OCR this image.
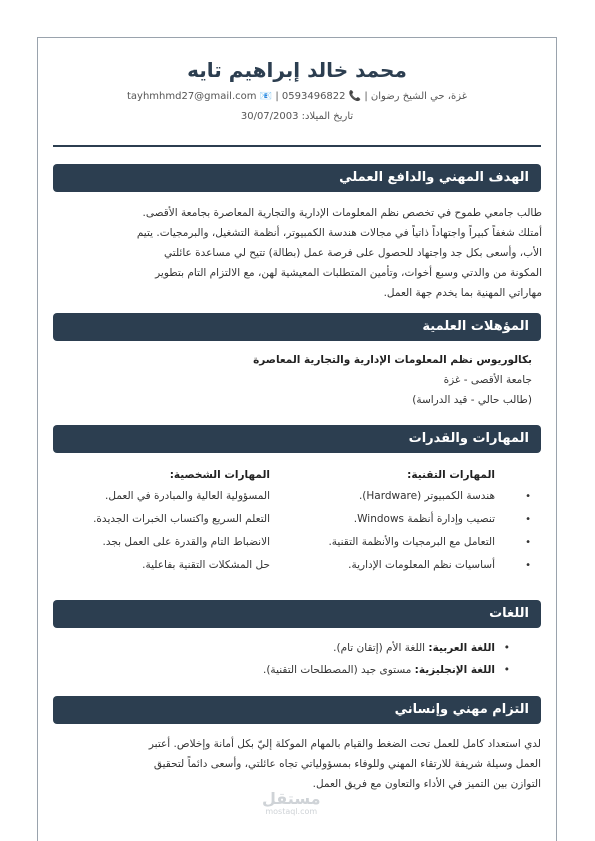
محمد خالد إبراهيم تايه
غزة، حي الشيخ رضوان | 📞 0593496822 | 📧 tayhmhmd27@gmail.com
تاريخ الميلاد: 30/07/2003
الهدف المهني والدافع العملي
طالب جامعي طموح في تخصص نظم المعلومات الإدارية والتجارية المعاصرة بجامعة الأقصى.
أمتلك شغفاً كبيراً واجتهاداً ذاتياً في مجالات هندسة الكمبيوتر، أنظمة التشغيل، والبرمجيات. يتيم
الأب، وأسعى بكل جد واجتهاد للحصول على فرصة عمل (بطالة) تتيح لي مساعدة عائلتي
المكونة من والدتي وسبع أخوات، وتأمين المتطلبات المعيشية لهن، مع الالتزام التام بتطوير
مهاراتي المهنية بما يخدم جهة العمل.
المؤهلات العلمية
بكالوريوس نظم المعلومات الإدارية والتجارية المعاصرة
جامعة الأقصى - غزة
(طالب حالي - قيد الدراسة)
المهارات والقدرات
المهارات التقنية:
هندسة الكمبيوتر (Hardware).
تنصيب وإدارة أنظمة Windows.
التعامل مع البرمجيات والأنظمة التقنية.
أساسيات نظم المعلومات الإدارية.
•
•
•
•
المهارات الشخصية:
المسؤولية العالية والمبادرة في العمل.
التعلم السريع واكتساب الخبرات الجديدة.
الانضباط التام والقدرة على العمل بجد.
حل المشكلات التقنية بفاعلية.
اللغات
•
اللغة العربية: اللغة الأم (إتقان تام).
•
اللغة الإنجليزية: مستوى جيد (المصطلحات التقنية).
التزام مهني وإنساني
لدي استعداد كامل للعمل تحت الضغط والقيام بالمهام الموكلة إليّ بكل أمانة وإخلاص. أعتبر
العمل وسيلة شريفة للارتقاء المهني وللوفاء بمسؤولياتي تجاه عائلتي، وأسعى دائماً لتحقيق
التوازن بين التميز في الأداء والتعاون مع فريق العمل.
مستقل
mostaql.com
